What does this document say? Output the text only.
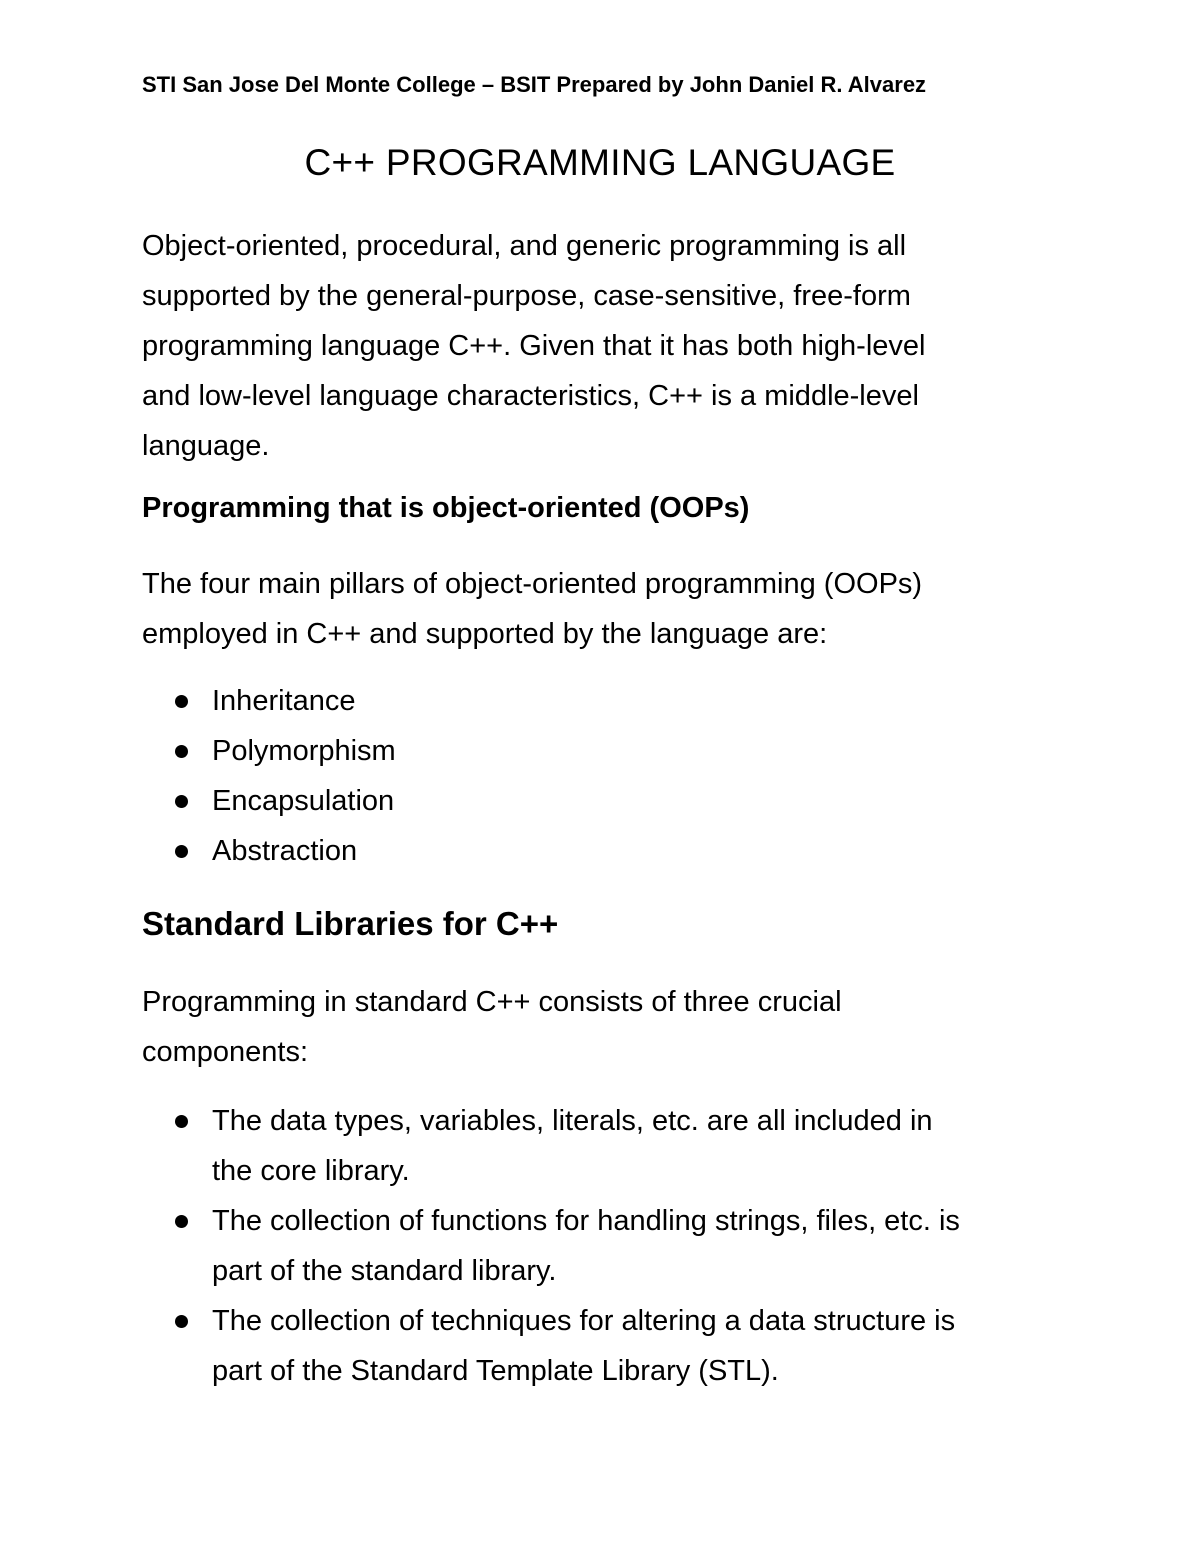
STI San Jose Del Monte College – BSIT Prepared by John Daniel R. Alvarez
C++ PROGRAMMING LANGUAGE

Object-oriented, procedural, and generic programming is all
supported by the general-purpose, case-sensitive, free-form
programming language C++. Given that it has both high-level
and low-level language characteristics, C++ is a middle-level
language.

Programming that is object-oriented (OOPs)

The four main pillars of object-oriented programming (OOPs)
employed in C++ and supported by the language are:

Inheritance
Polymorphism
Encapsulation
Abstraction
Standard Libraries for C++

Programming in standard C++ consists of three crucial
components:

The data types, variables, literals, etc. are all included in
the core library.
The collection of functions for handling strings, files, etc. is
part of the standard library.
The collection of techniques for altering a data structure is
part of the Standard Template Library (STL).
